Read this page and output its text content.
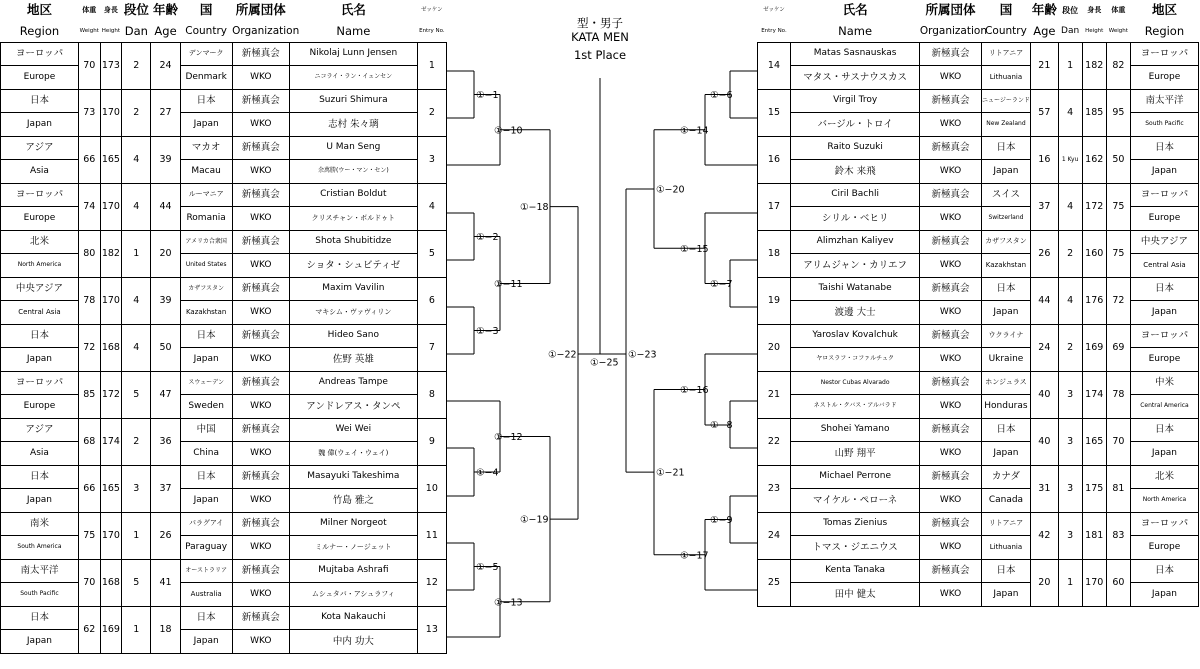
地区	体重	身長	段位	年齢	国	所属団体	氏名	ゼッケン
Region	Weight	Height	Dan	Age	Country	Organization	Name	Entry No.
ヨーロッパ	70	173	2	24	デンマーク	新極真会	Nikolaj Lunn Jensen	1
Europe					Denmark	WKO	ニコライ・ラン・イェンセン	
日本	73	170	2	27	日本	新極真会	Suzuri Shimura	2
Japan					Japan	WKO	志村 朱々璃	
アジア	66	165	4	39	マカオ	新極真会	U Man Seng	3
Asia					Macau	WKO	余萬勝(ウー・マン・セン)	
ヨーロッパ	74	170	4	44	ルーマニア	新極真会	Cristian Boldut	4
Europe					Romania	WKO	クリスチャン・ボルドゥト	
北米	80	182	1	20	アメリカ合衆国	新極真会	Shota Shubitidze	5
North America					United States	WKO	ショタ・シュビティゼ	
中央アジア	78	170	4	39	カザフスタン	新極真会	Maxim Vavilin	6
Central Asia					Kazakhstan	WKO	マキシム・ヴァヴィリン	
日本	72	168	4	50	日本	新極真会	Hideo Sano	7
Japan					Japan	WKO	佐野 英雄	
ヨーロッパ	85	172	5	47	スウェーデン	新極真会	Andreas Tampe	8
Europe					Sweden	WKO	アンドレアス・タンペ	
アジア	68	174	2	36	中国	新極真会	Wei Wei	9
Asia					China	WKO	魏 偉(ウェイ・ウェイ)	
日本	66	165	3	37	日本	新極真会	Masayuki Takeshima	10
Japan					Japan	WKO	竹島 雅之	
南米	75	170	1	26	パラグアイ	新極真会	Milner Norgeot	11
South America					Paraguay	WKO	ミルナー・ノージェット	
南太平洋	70	168	5	41	オーストラリア	新極真会	Mujtaba Ashrafi	12
South Pacific					Australia	WKO	ムシュタバ・アシュラフィ	
日本	62	169	1	18	日本	新極真会	Kota Nakauchi	13
Japan					Japan	WKO	中内 功大	
型・男子
KATA MEN
1st Place
①−1
①−2
①−3
①−4
①−5
①−10
①−11
①−12
①−13
①−18
①−19
①−22
①−6
①−7
①−8
①−9
①−14
①−15
①−16
①−17
①−20
①−21
①−23
①−25
ゼッケン	氏名	所属団体	国	年齢	段位	身長	体重	地区
Entry No.	Name	Organization	Country	Age	Dan	Height	Weight	Region
14	Matas Sasnauskas	新極真会	リトアニア	21	1	182	82	ヨーロッパ
	マタス・サスナウスカス	WKO	Lithuania					Europe
15	Virgil Troy	新極真会	ニュージーランド	57	4	185	95	南太平洋
	バージル・トロイ	WKO	New Zealand					South Pacific
16	Raito Suzuki	新極真会	日本	16	1 Kyu	162	50	日本
	鈴木 来飛	WKO	Japan					Japan
17	Ciril Bachli	新極真会	スイス	37	4	172	75	ヨーロッパ
	シリル・ベヒリ	WKO	Switzerland					Europe
18	Alimzhan Kaliyev	新極真会	カザフスタン	26	2	160	75	中央アジア
	アリムジャン・カリエフ	WKO	Kazakhstan					Central Asia
19	Taishi Watanabe	新極真会	日本	44	4	176	72	日本
	渡邊 大士	WKO	Japan					Japan
20	Yaroslav Kovalchuk	新極真会	ウクライナ	24	2	169	69	ヨーロッパ
	ヤロスラフ・コファルチュク	WKO	Ukraine					Europe
21	Nestor Cubas Alvarado	新極真会	ホンジュラス	40	3	174	78	中米
	ネストル・クバス・アルバラド	WKO	Honduras					Central America
22	Shohei Yamano	新極真会	日本	40	3	165	70	日本
	山野 翔平	WKO	Japan					Japan
23	Michael Perrone	新極真会	カナダ	31	3	175	81	北米
	マイケル・ペローネ	WKO	Canada					North America
24	Tomas Zienius	新極真会	リトアニア	42	3	181	83	ヨーロッパ
	トマス・ジエニウス	WKO	Lithuania					Europe
25	Kenta Tanaka	新極真会	日本	20	1	170	60	日本
	田中 健太	WKO	Japan					Japan
